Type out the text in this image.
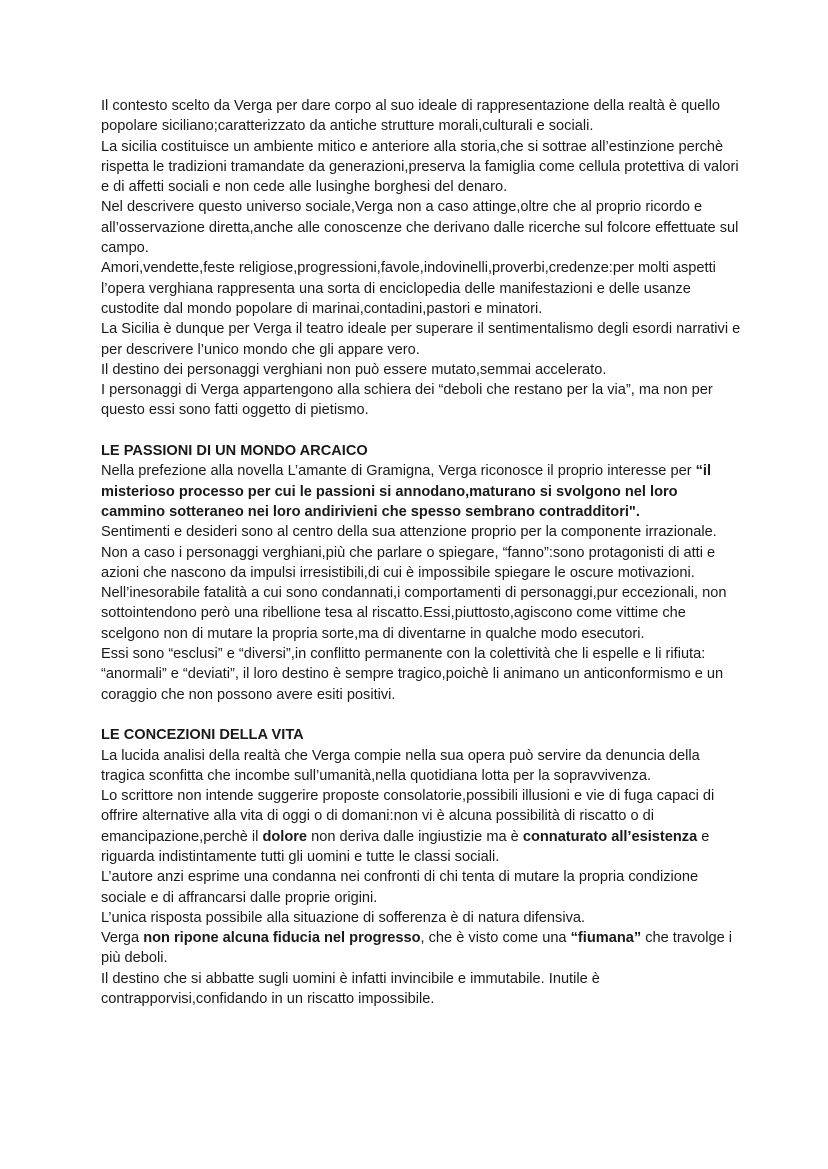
Il contesto scelto da Verga per dare corpo al suo ideale di rappresentazione della realtà è quello popolare siciliano;caratterizzato da antiche strutture morali,culturali e sociali.

La sicilia costituisce un ambiente mitico e anteriore alla storia,che si sottrae all’estinzione perchè rispetta le tradizioni tramandate da generazioni,preserva la famiglia come cellula protettiva di valori e di affetti sociali e non cede alle lusinghe borghesi del denaro.

Nel descrivere questo universo sociale,Verga non a caso attinge,oltre che al proprio ricordo e all’osservazione diretta,anche alle conoscenze che derivano dalle ricerche sul folcore effettuate sul campo.

Amori,vendette,feste religiose,progressioni,favole,indovinelli,proverbi,credenze:per molti aspetti l’opera verghiana rappresenta una sorta di enciclopedia delle manifestazioni e delle usanze custodite dal mondo popolare di marinai,contadini,pastori e minatori.

La Sicilia è dunque per Verga il teatro ideale per superare il sentimentalismo degli esordi narrativi e per descrivere l’unico mondo che gli appare vero.

Il destino dei personaggi verghiani non può essere mutato,semmai accelerato.

I personaggi di Verga appartengono alla schiera dei “deboli che restano per la via”, ma non per questo essi sono fatti oggetto di pietismo.

LE PASSIONI DI UN MONDO ARCAICO

Nella prefezione alla novella L’amante di Gramigna, Verga riconosce il proprio interesse per “il misterioso processo per cui le passioni si annodano,maturano si svolgono nel loro cammino sotteraneo nei loro andirivieni che spesso sembrano contradditori".

Sentimenti e desideri sono al centro della sua attenzione proprio per la componente irrazionale.

Non a caso i personaggi verghiani,più che parlare o spiegare, “fanno”:sono protagonisti di atti e azioni che nascono da impulsi irresistibili,di cui è impossibile spiegare le oscure motivazioni.

Nell’inesorabile fatalità a cui sono condannati,i comportamenti di personaggi,pur eccezionali, non sottointendono però una ribellione tesa al riscatto.Essi,piuttosto,agiscono come vittime che scelgono non di mutare la propria sorte,ma di diventarne in qualche modo esecutori.

Essi sono “esclusi” e “diversi”,in conflitto permanente con la colettività che li espelle e li rifiuta: “anormali” e “deviati”, il loro destino è sempre tragico,poichè li animano un anticonformismo e un coraggio che non possono avere esiti positivi.

LE CONCEZIONI DELLA VITA

La lucida analisi della realtà che Verga compie nella sua opera può servire da denuncia della tragica sconfitta che incombe sull’umanità,nella quotidiana lotta per la sopravvivenza.

Lo scrittore non intende suggerire proposte consolatorie,possibili illusioni e vie di fuga capaci di offrire alternative alla vita di oggi o di domani:non vi è alcuna possibilità di riscatto o di emancipazione,perchè il dolore non deriva dalle ingiustizie ma è connaturato all’esistenza e riguarda indistintamente tutti gli uomini e tutte le classi sociali.

L’autore anzi esprime una condanna nei confronti di chi tenta di mutare la propria condizione sociale e di affrancarsi dalle proprie origini.

L’unica risposta possibile alla situazione di sofferenza è di natura difensiva.

Verga non ripone alcuna fiducia nel progresso, che è visto come una “fiumana” che travolge i più deboli.

Il destino che si abbatte sugli uomini è infatti invincibile e immutabile. Inutile è contrapporvisi,confidando in un riscatto impossibile.
